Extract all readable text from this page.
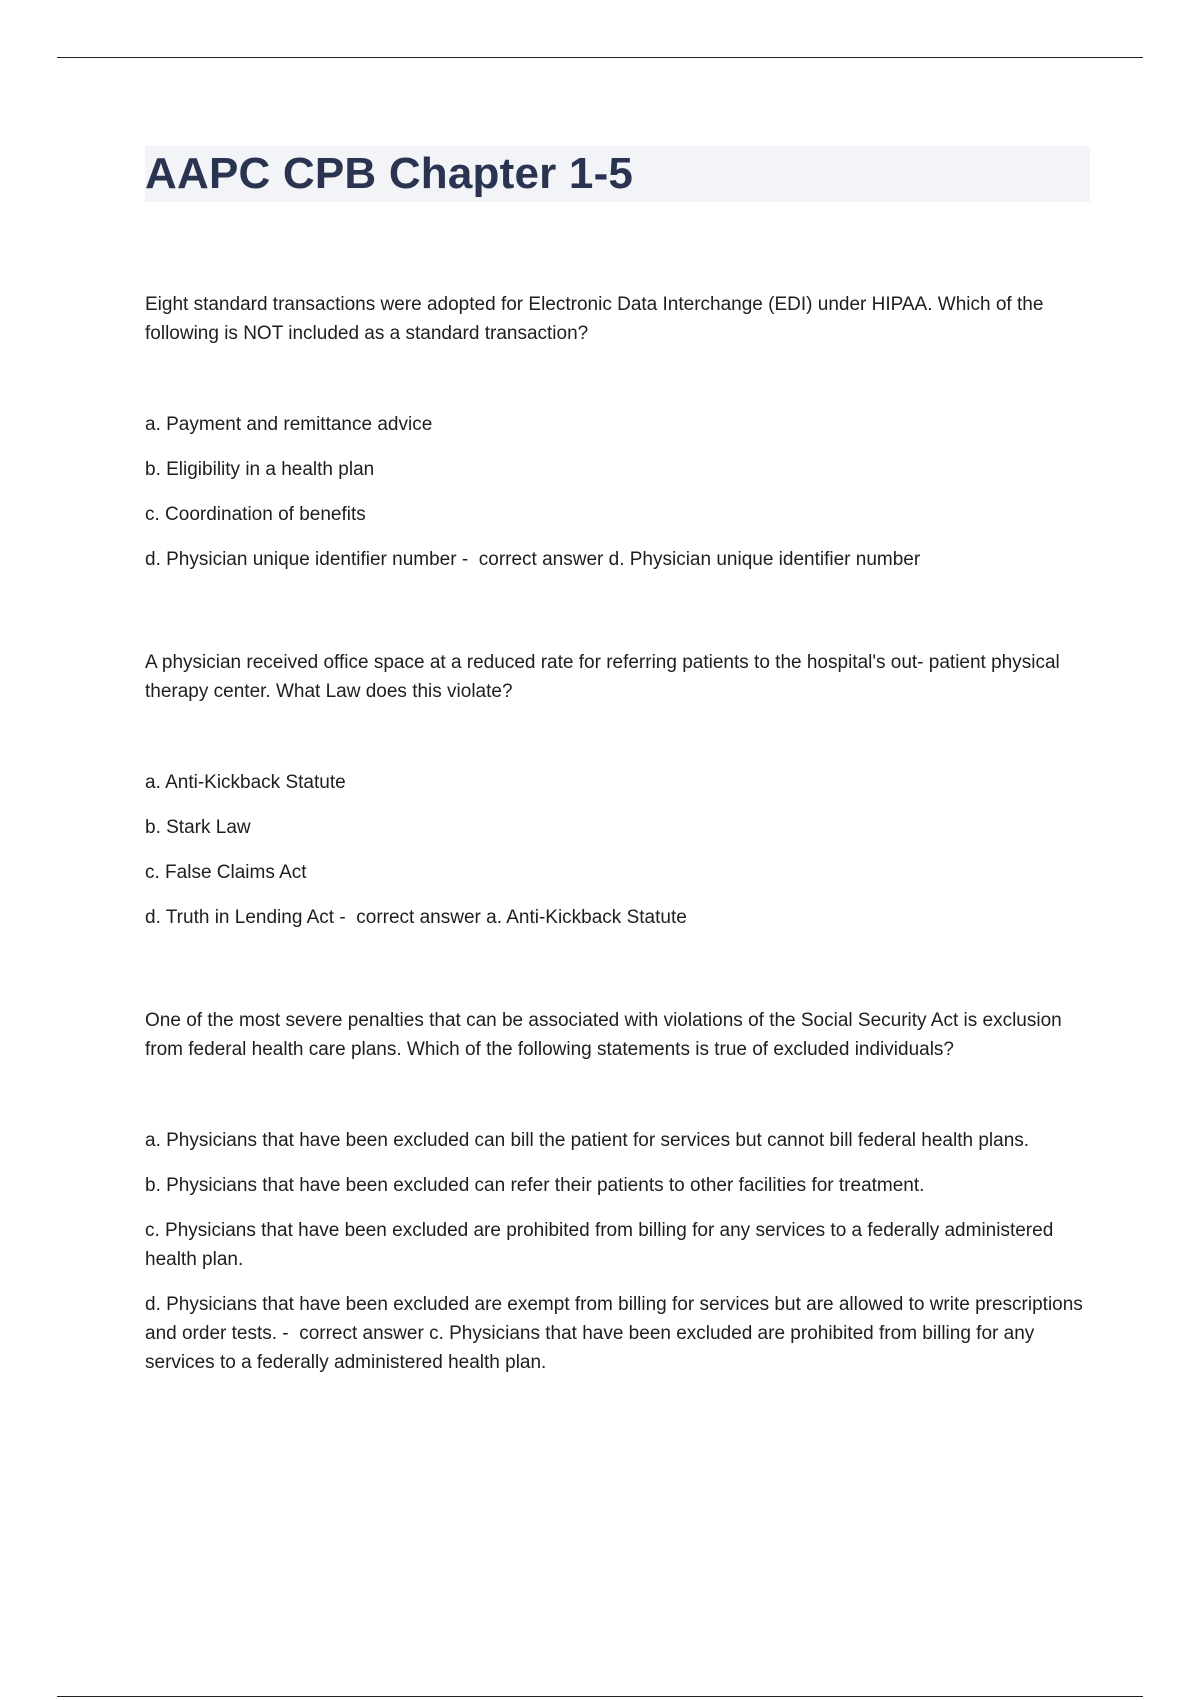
AAPC CPB Chapter 1-5

Eight standard transactions were adopted for Electronic Data Interchange (EDI) under HIPAA. Which of the following is NOT included as a standard transaction?

a. Payment and remittance advice

b. Eligibility in a health plan

c. Coordination of benefits

d. Physician unique identifier number -  correct answer d. Physician unique identifier number

A physician received office space at a reduced rate for referring patients to the hospital's out- patient physical therapy center. What Law does this violate?

a. Anti-Kickback Statute

b. Stark Law

c. False Claims Act

d. Truth in Lending Act -  correct answer a. Anti-Kickback Statute

One of the most severe penalties that can be associated with violations of the Social Security Act is exclusion from federal health care plans. Which of the following statements is true of excluded individuals?

a. Physicians that have been excluded can bill the patient for services but cannot bill federal health plans.

b. Physicians that have been excluded can refer their patients to other facilities for treatment.

c. Physicians that have been excluded are prohibited from billing for any services to a federally administered health plan.

d. Physicians that have been excluded are exempt from billing for services but are allowed to write prescriptions and order tests. -  correct answer c. Physicians that have been excluded are prohibited from billing for any services to a federally administered health plan.
